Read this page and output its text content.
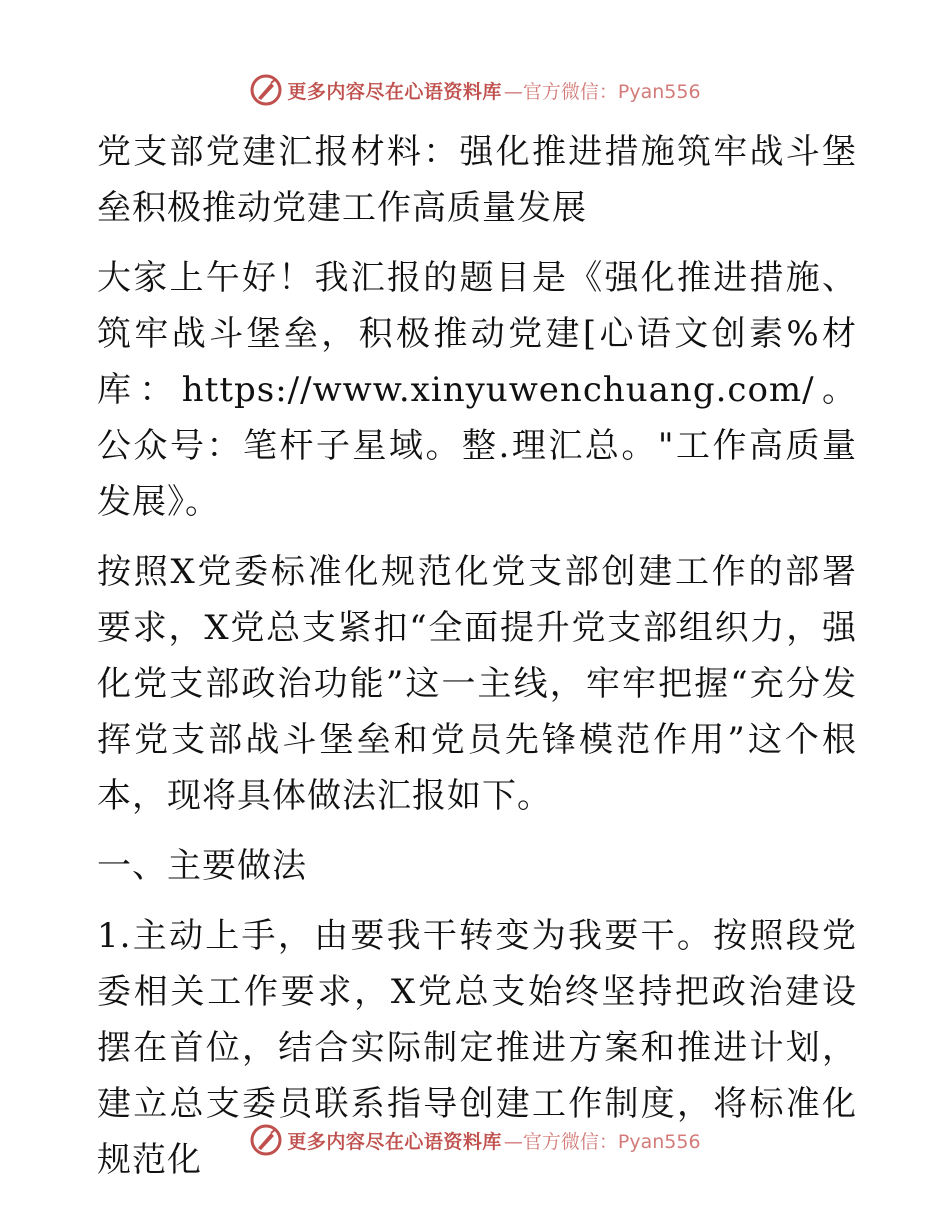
更多内容尽在心语资料库 —官方微信：Pyan556

党支部党建汇报材料：强化推进措施筑牢战斗堡垒积极推动党建工作高质量发展

大家上午好！我汇报的题目是《强化推进措施、筑牢战斗堡垒，积极推动党建[心语文创素%材库：https://www.xinyuwenchuang.com/。公众号：笔杆子星域。整.理汇总。"工作高质量发展》。

按照X党委标准化规范化党支部创建工作的部署要求，X党总支紧扣“全面提升党支部组织力，强化党支部政治功能”这一主线，牢牢把握“充分发挥党支部战斗堡垒和党员先锋模范作用”这个根本，现将具体做法汇报如下。

一、主要做法

1.主动上手，由要我干转变为我要干。按照段党委相关工作要求，X党总支始终坚持把政治建设摆在首位，结合实际制定推进方案和推进计划，建立总支委员联系指导创建工作制度，将标准化规范化	更多内容尽在心语资料库 —官方微信：Pyan556
